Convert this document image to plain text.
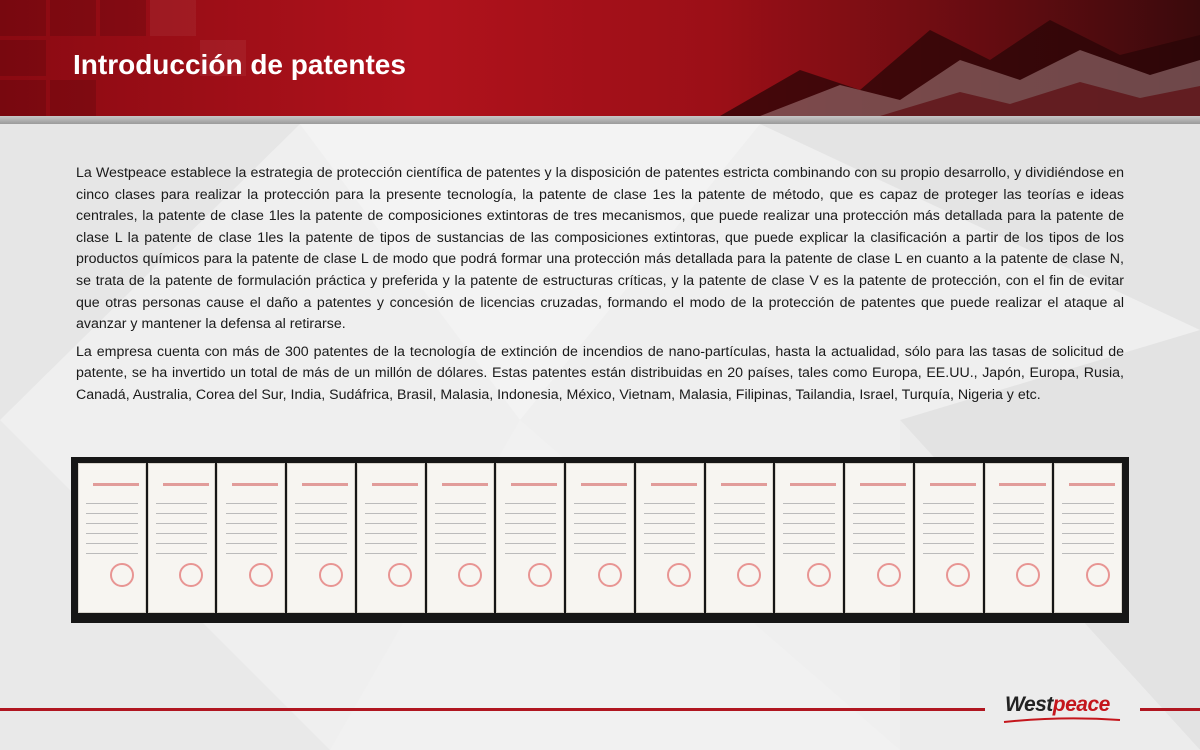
Introducción de patentes

La Westpeace establece la estrategia de protección científica de patentes y la disposición de patentes estricta combinando con su propio desarrollo, y dividiéndose en cinco clases para realizar la protección para la presente tecnología, la patente de clase 1es la patente de método, que es capaz de proteger las teorías e ideas centrales, la patente de clase 1les la patente de composiciones extintoras de tres mecanismos, que puede realizar una protección más detallada para la patente de clase L la patente de clase 1les la patente de tipos de sustancias de las composiciones extintoras, que puede explicar la clasificación a partir de los tipos de los productos químicos para la patente de clase L de modo que podrá formar una protección más detallada para la patente de clase L en cuanto a la patente de clase N, se trata de la patente de formulación práctica y preferida y la patente de estructuras críticas, y la patente de clase V es la patente de protección, con el fin de evitar que otras personas cause el daño a patentes y concesión de licencias cruzadas, formando el modo de la protección de patentes que puede realizar el ataque al avanzar y mantener la defensa al retirarse.

La empresa cuenta con más de 300 patentes de la tecnología de extinción de incendios de nano-partículas, hasta la actualidad, sólo para las tasas de solicitud de patente, se ha invertido un total de más de un millón de dólares. Estas patentes están distribuidas en 20 países, tales como Europa, EE.UU., Japón, Europa, Rusia, Canadá, Australia, Corea del Sur, India, Sudáfrica, Brasil, Malasia, Indonesia, México, Vietnam, Malasia, Filipinas, Tailandia, Israel, Turquía, Nigeria y etc.

Westpeace
